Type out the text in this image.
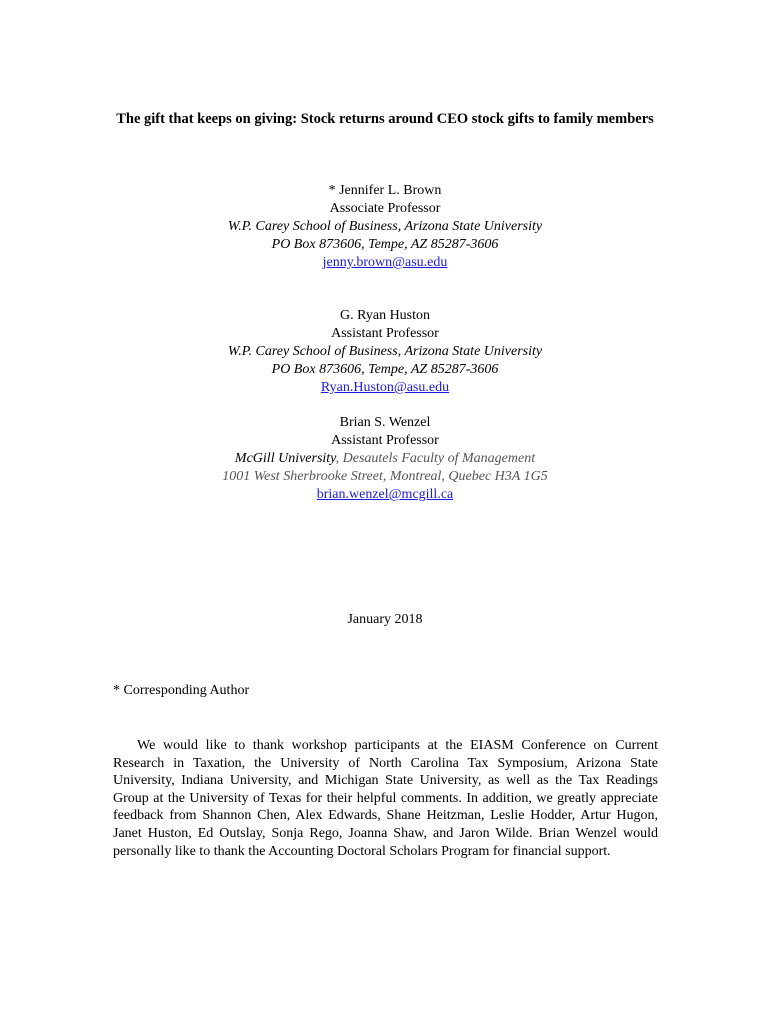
The gift that keeps on giving: Stock returns around CEO stock gifts to family members
* Jennifer L. Brown
Associate Professor
W.P. Carey School of Business, Arizona State University
PO Box 873606, Tempe, AZ 85287-3606
jenny.brown@asu.edu
G. Ryan Huston
Assistant Professor
W.P. Carey School of Business, Arizona State University
PO Box 873606, Tempe, AZ 85287-3606
Ryan.Huston@asu.edu
Brian S. Wenzel
Assistant Professor
McGill University, Desautels Faculty of Management
1001 West Sherbrooke Street, Montreal, Quebec H3A 1G5
brian.wenzel@mcgill.ca
January 2018
* Corresponding Author
We would like to thank workshop participants at the EIASM Conference on Current Research in Taxation, the University of North Carolina Tax Symposium, Arizona State University, Indiana University, and Michigan State University, as well as the Tax Readings Group at the University of Texas for their helpful comments. In addition, we greatly appreciate feedback from Shannon Chen, Alex Edwards, Shane Heitzman, Leslie Hodder, Artur Hugon, Janet Huston, Ed Outslay, Sonja Rego, Joanna Shaw, and Jaron Wilde. Brian Wenzel would personally like to thank the Accounting Doctoral Scholars Program for financial support.
